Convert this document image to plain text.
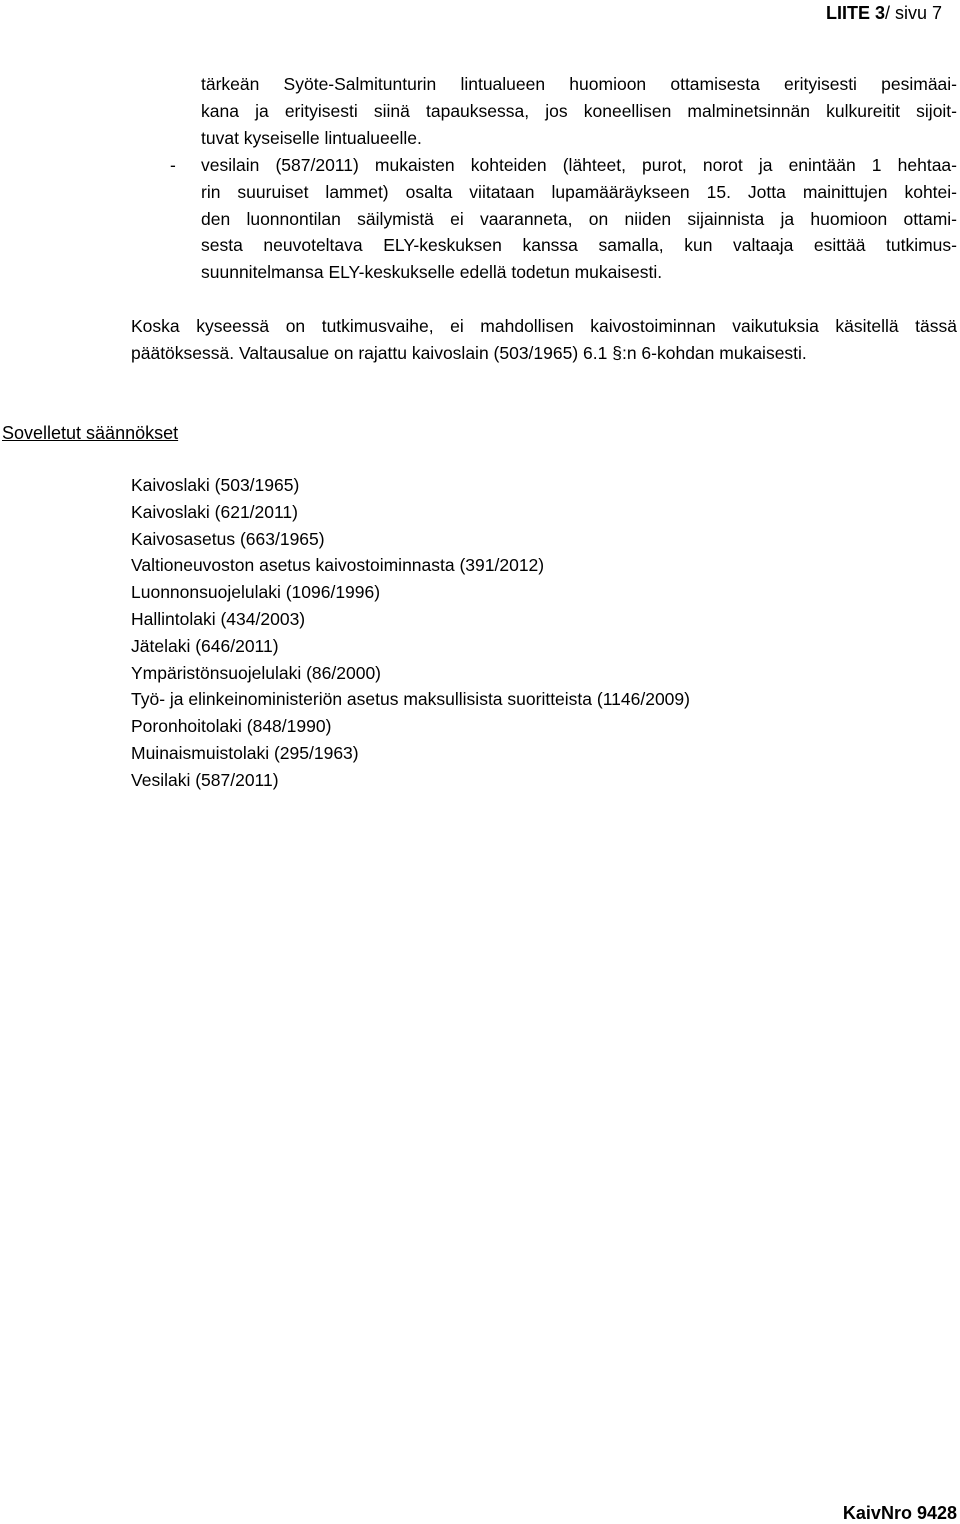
LIITE 3/ sivu 7
tärkeän Syöte-Salmitunturin lintualueen huomioon ottamisesta erityisesti pesimäai-
kana ja erityisesti siinä tapauksessa, jos koneellisen malminetsinnän kulkureitit sijoit-
tuvat kyseiselle lintualueelle.
- vesilain (587/2011) mukaisten kohteiden (lähteet, purot, norot ja enintään 1 hehtaa-
rin suuruiset lammet) osalta viitataan lupamääräykseen 15. Jotta mainittujen kohtei-
den luonnontilan säilymistä ei vaaranneta, on niiden sijainnista ja huomioon ottami-
sesta neuvoteltava ELY-keskuksen kanssa samalla, kun valtaaja esittää tutkimus-
suunnitelmansa ELY-keskukselle edellä todetun mukaisesti.
Koska kyseessä on tutkimusvaihe, ei mahdollisen kaivostoiminnan vaikutuksia käsitellä tässä
päätöksessä. Valtausalue on rajattu kaivoslain (503/1965) 6.1 §:n 6-kohdan mukaisesti.
Sovelletut säännökset
Kaivoslaki (503/1965)
Kaivoslaki (621/2011)
Kaivosasetus (663/1965)
Valtioneuvoston asetus kaivostoiminnasta (391/2012)
Luonnonsuojelulaki (1096/1996)
Hallintolaki (434/2003)
Jätelaki (646/2011)
Ympäristönsuojelulaki (86/2000)
Työ- ja elinkeinoministeriön asetus maksullisista suoritteista (1146/2009)
Poronhoitolaki (848/1990)
Muinaismuistolaki (295/1963)
Vesilaki (587/2011)
KaivNro 9428
